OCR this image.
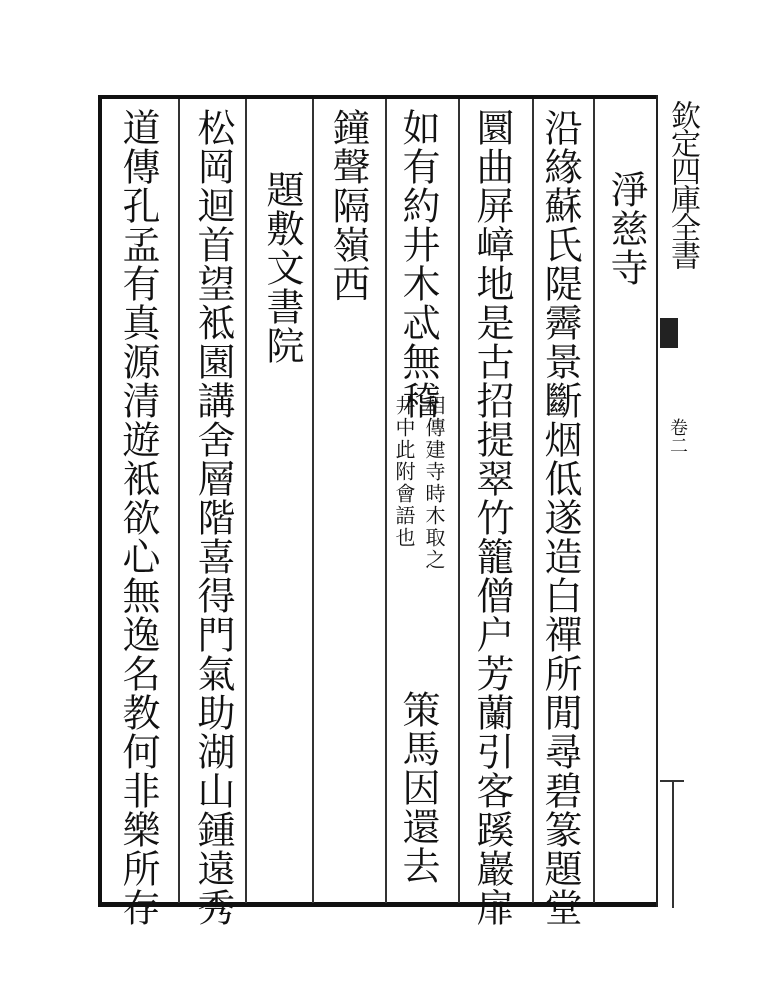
欽定四庫全書
卷二
淨慈寺
沿緣蘇氏隄霽景斷烟低遂造白禪所閒尋碧篆題堂
圜曲屏嶂地是古招提翠竹籠僧户芳蘭引客蹊巖扉
如有約井木忒無稽
相傳建寺時木取之
井中此附會語也
策馬因還去
鐘聲隔嶺西
題敷文書院
松岡迴首望袛園講舍層階喜得門氣助湖山鍾遠秀
道傳孔孟有真源清遊袛欲心無逸名教何非樂所存
